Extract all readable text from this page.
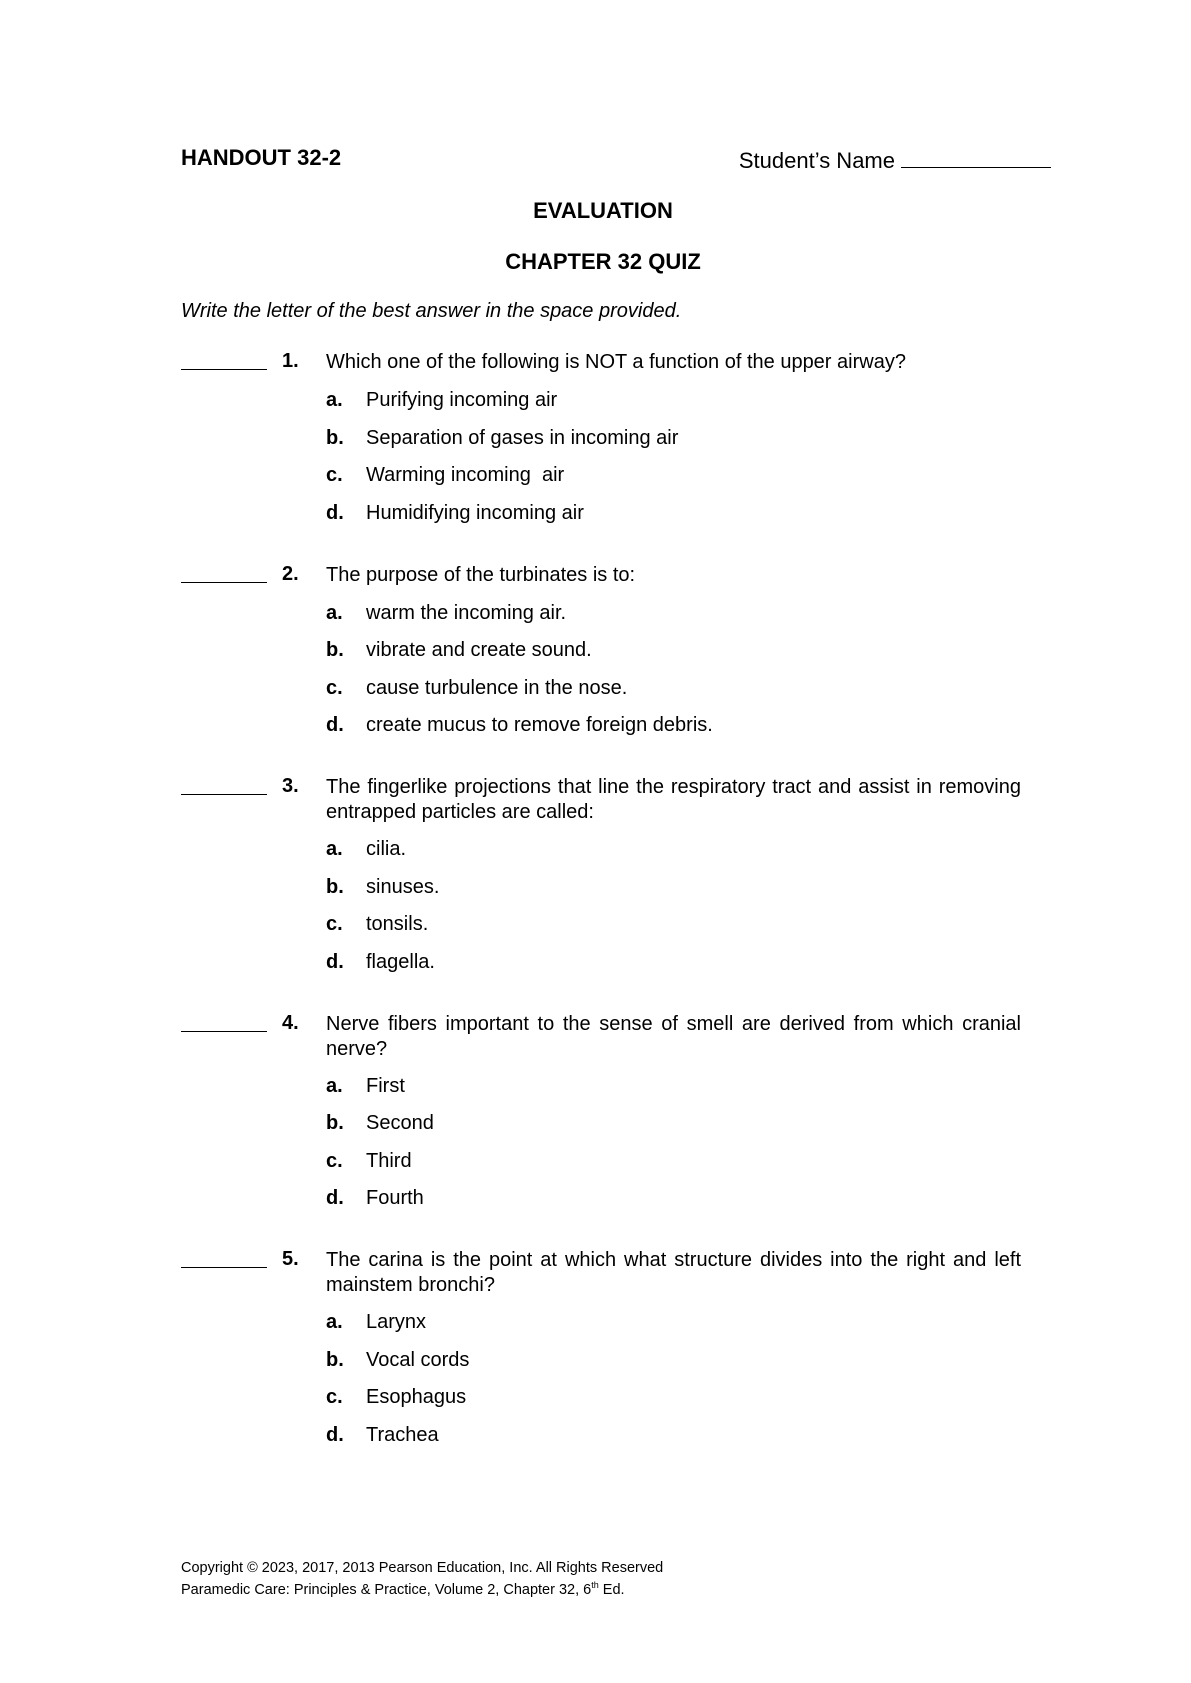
HANDOUT 32-2	Student’s Name
EVALUATION
CHAPTER 32 QUIZ
Write the letter of the best answer in the space provided.
1. Which one of the following is NOT a function of the upper airway?
a. Purifying incoming air
b. Separation of gases in incoming air
c. Warming incoming  air
d. Humidifying incoming air
2. The purpose of the turbinates is to:
a. warm the incoming air.
b. vibrate and create sound.
c. cause turbulence in the nose.
d. create mucus to remove foreign debris.
3. The fingerlike projections that line the respiratory tract and assist in removing entrapped particles are called:
a. cilia.
b. sinuses.
c. tonsils.
d. flagella.
4. Nerve fibers important to the sense of smell are derived from which cranial nerve?
a. First
b. Second
c. Third
d. Fourth
5. The carina is the point at which what structure divides into the right and left mainstem bronchi?
a. Larynx
b. Vocal cords
c. Esophagus
d. Trachea
Copyright © 2023, 2017, 2013 Pearson Education, Inc. All Rights Reserved
Paramedic Care: Principles & Practice, Volume 2, Chapter 32, 6th Ed.
